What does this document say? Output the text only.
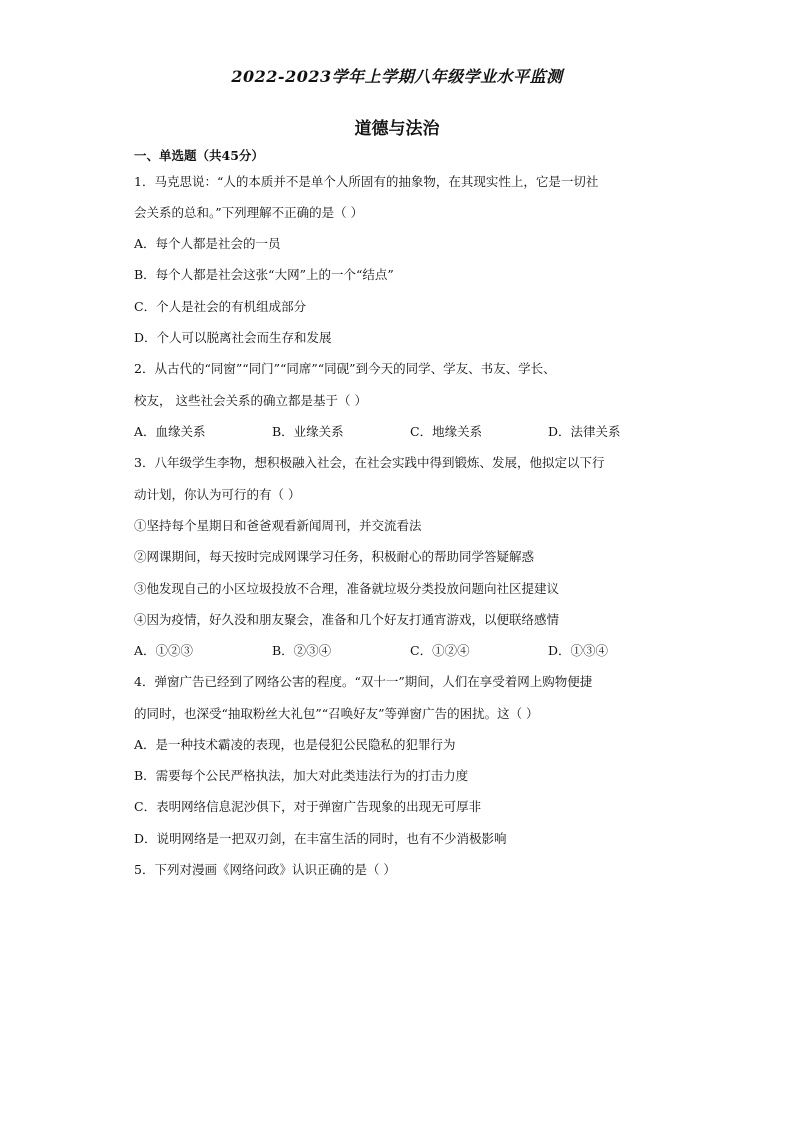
2022-2023学年上学期八年级学业水平监测
道德与法治
一、单选题（共45分）
1．马克思说：“人的本质并不是单个人所固有的抽象物，在其现实性上，它是一切社
会关系的总和。”下列理解不正确的是（ ）
A．每个人都是社会的一员
B．每个人都是社会这张“大网”上的一个“结点”
C．个人是社会的有机组成部分
D．个人可以脱离社会而生存和发展
2．从古代的“同窗”“同门”“同席”“同砚”到今天的同学、学友、书友、学长、
校友， 这些社会关系的确立都是基于（ ）
A．血缘关系	B．业缘关系	C．地缘关系	D．法律关系
3．八年级学生李物，想积极融入社会，在社会实践中得到锻炼、发展，他拟定以下行
动计划，你认为可行的有（ ）
①坚持每个星期日和爸爸观看新闻周刊，并交流看法
②网课期间，每天按时完成网课学习任务，积极耐心的帮助同学答疑解惑
③他发现自己的小区垃圾投放不合理，准备就垃圾分类投放问题向社区提建议
④因为疫情，好久没和朋友聚会，准备和几个好友打通宵游戏，以便联络感情
A．①②③	B．②③④	C．①②④	D．①③④
4．弹窗广告已经到了网络公害的程度。“双十一”期间，人们在享受着网上购物便捷
的同时，也深受“抽取粉丝大礼包”“召唤好友”等弹窗广告的困扰。这（ ）
A．是一种技术霸凌的表现，也是侵犯公民隐私的犯罪行为
B．需要每个公民严格执法，加大对此类违法行为的打击力度
C．表明网络信息泥沙俱下，对于弹窗广告现象的出现无可厚非
D．说明网络是一把双刃剑，在丰富生活的同时，也有不少消极影响
5．下列对漫画《网络问政》认识正确的是（ ）
